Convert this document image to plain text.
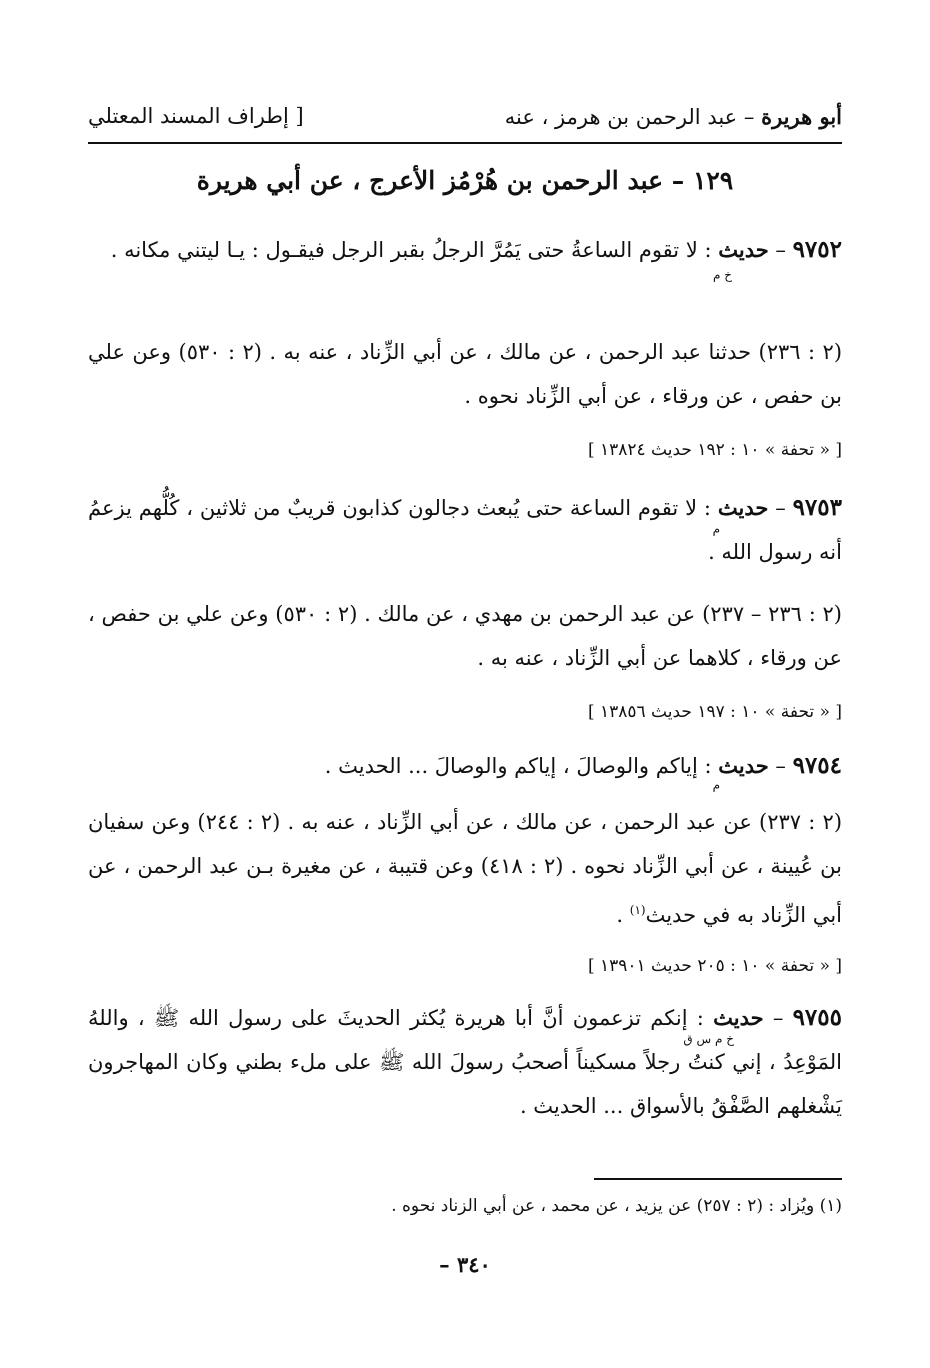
أبو هريرة – عبد الرحمن بن هرمز ، عنه
[ إطراف المسند المعتلي
١٢٩ – عبد الرحمن بن هُرْمُز الأعرج ، عن أبي هريرة
٩٧٥٢ – حديث : لا تقوم الساعةُ حتى يَمُرَّ الرجلُ بقبر الرجل فيقـول : يـا ليتني مكانه .
خ م
(٢ : ٢٣٦) حدثنا عبد الرحمن ، عن مالك ، عن أبي الزِّناد ، عنه به . (٢ : ٥٣٠) وعن علي بن حفص ، عن ورقاء ، عن أبي الزِّناد نحوه .
[ « تحفة » ١٠ : ١٩٢ حديث ١٣٨٢٤ ]
٩٧٥٣ – حديث : لا تقوم الساعة حتى يُبعث دجالون كذابون قريبٌ من ثلاثين ، كُلُّهم يزعمُ أنه رسول الله .
م
(٢ : ٢٣٦ – ٢٣٧) عن عبد الرحمن بن مهدي ، عن مالك . (٢ : ٥٣٠) وعن علي بن حفص ، عن ورقاء ، كلاهما عن أبي الزِّناد ، عنه به .
[ « تحفة » ١٠ : ١٩٧ حديث ١٣٨٥٦ ]
٩٧٥٤ – حديث : إياكم والوصالَ ، إياكم والوصالَ ... الحديث .
م
(٢ : ٢٣٧) عن عبد الرحمن ، عن مالك ، عن أبي الزِّناد ، عنه به . (٢ : ٢٤٤) وعن سفيان بن عُيينة ، عن أبي الزِّناد نحوه . (٢ : ٤١٨) وعن قتيبة ، عن مغيرة بـن عبد الرحمن ، عن أبي الزِّناد به في حديث$^{(١)}$ .
[ « تحفة » ١٠ : ٢٠٥ حديث ١٣٩٠١ ]
٩٧٥٥ – حديث : إنكم تزعمون أنَّ أبا هريرة يُكثر الحديثَ على رسول الله ﷺ ، واللهُ المَوْعِدُ ، إني كنتُ رجلاً مسكيناً أصحبُ رسولَ الله ﷺ على ملء بطني وكان المهاجرون يَشْغلهم الصَّفْقُ بالأسواق ... الحديث .
خ م س ق
(١) ويُزاد : (٢ : ٢٥٧) عن يزيد ، عن محمد ، عن أبي الزناد نحوه .
٣٤٠ –
